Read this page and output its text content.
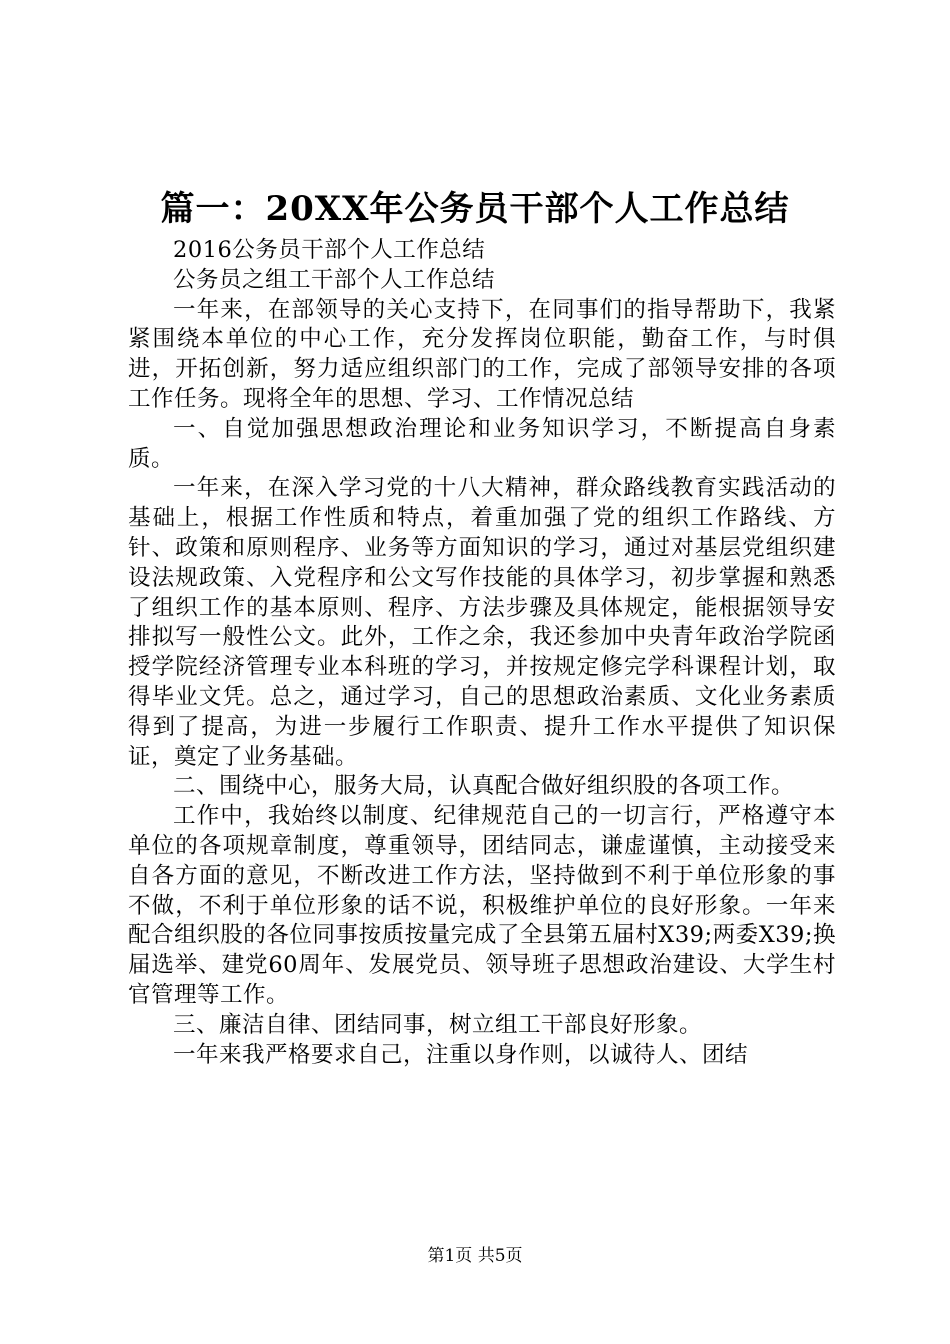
篇一：20XX年公务员干部个人工作总结

2016公务员干部个人工作总结

公务员之组工干部个人工作总结

一年来，在部领导的关心支持下，在同事们的指导帮助下，我紧紧围绕本单位的中心工作，充分发挥岗位职能，勤奋工作，与时俱进，开拓创新，努力适应组织部门的工作，完成了部领导安排的各项工作任务。现将全年的思想、学习、工作情况总结

一、自觉加强思想政治理论和业务知识学习，不断提高自身素质。

一年来，在深入学习党的十八大精神，群众路线教育实践活动的基础上，根据工作性质和特点，着重加强了党的组织工作路线、方针、政策和原则程序、业务等方面知识的学习，通过对基层党组织建设法规政策、入党程序和公文写作技能的具体学习，初步掌握和熟悉了组织工作的基本原则、程序、方法步骤及具体规定，能根据领导安排拟写一般性公文。此外，工作之余，我还参加中央青年政治学院函授学院经济管理专业本科班的学习，并按规定修完学科课程计划，取得毕业文凭。总之，通过学习，自己的思想政治素质、文化业务素质得到了提高，为进一步履行工作职责、提升工作水平提供了知识保证，奠定了业务基础。

二、围绕中心，服务大局，认真配合做好组织股的各项工作。

工作中，我始终以制度、纪律规范自己的一切言行，严格遵守本单位的各项规章制度，尊重领导，团结同志，谦虚谨慎，主动接受来自各方面的意见，不断改进工作方法，坚持做到不利于单位形象的事不做，不利于单位形象的话不说，积极维护单位的良好形象。一年来配合组织股的各位同事按质按量完成了全县第五届村X39;两委X39;换届选举、建党60周年、发展党员、领导班子思想政治建设、大学生村官管理等工作。

三、廉洁自律、团结同事，树立组工干部良好形象。

一年来我严格要求自己，注重以身作则，以诚待人、团结

第1页 共5页
